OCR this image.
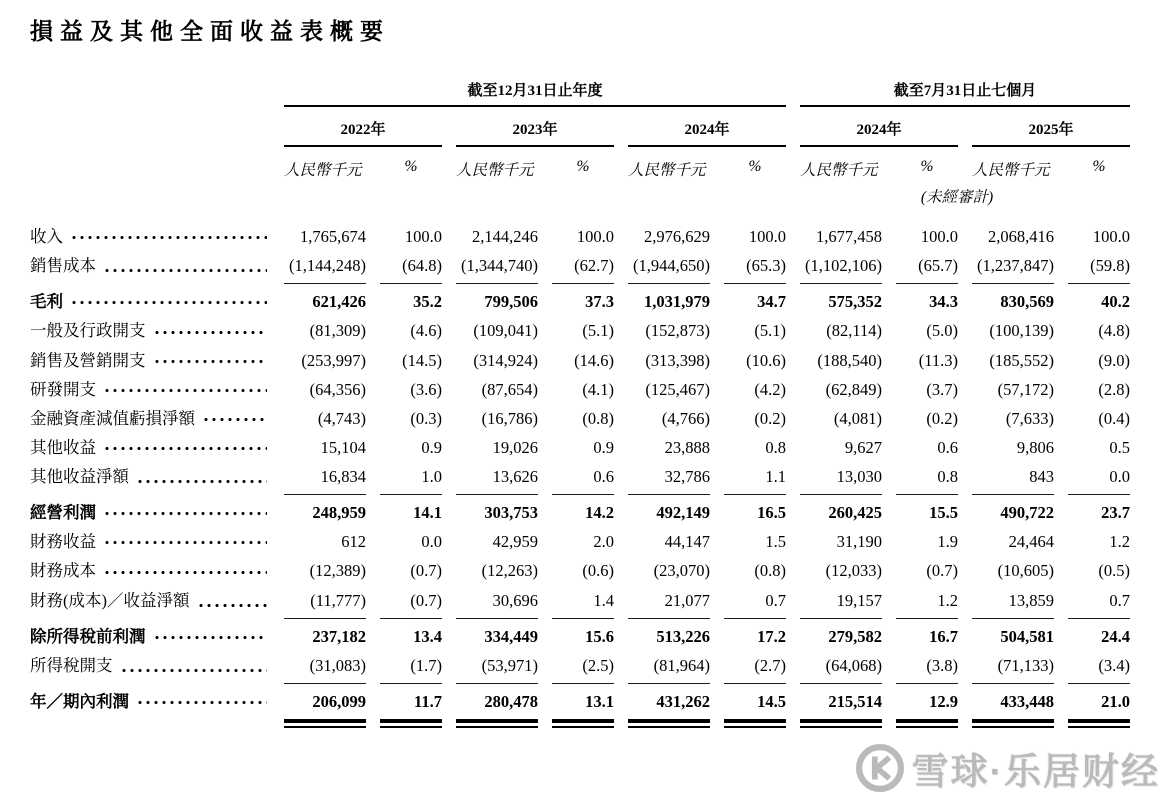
損益及其他全面收益表概要
截至12月31日止年度	截至7月31日止七個月
2022年	2023年	2024年	2024年	2025年
人民幣千元	%	人民幣千元	%	人民幣千元	%	人民幣千元	%	人民幣千元	%
(未經審計)
收入	1,765,674	100.0	2,144,246	100.0	2,976,629	100.0	1,677,458	100.0	2,068,416	100.0
銷售成本	(1,144,248)	(64.8)	(1,344,740)	(62.7)	(1,944,650)	(65.3)	(1,102,106)	(65.7)	(1,237,847)	(59.8)
毛利	621,426	35.2	799,506	37.3	1,031,979	34.7	575,352	34.3	830,569	40.2
一般及行政開支	(81,309)	(4.6)	(109,041)	(5.1)	(152,873)	(5.1)	(82,114)	(5.0)	(100,139)	(4.8)
銷售及營銷開支	(253,997)	(14.5)	(314,924)	(14.6)	(313,398)	(10.6)	(188,540)	(11.3)	(185,552)	(9.0)
研發開支	(64,356)	(3.6)	(87,654)	(4.1)	(125,467)	(4.2)	(62,849)	(3.7)	(57,172)	(2.8)
金融資產減值虧損淨額	(4,743)	(0.3)	(16,786)	(0.8)	(4,766)	(0.2)	(4,081)	(0.2)	(7,633)	(0.4)
其他收益	15,104	0.9	19,026	0.9	23,888	0.8	9,627	0.6	9,806	0.5
其他收益淨額	16,834	1.0	13,626	0.6	32,786	1.1	13,030	0.8	843	0.0
經營利潤	248,959	14.1	303,753	14.2	492,149	16.5	260,425	15.5	490,722	23.7
財務收益	612	0.0	42,959	2.0	44,147	1.5	31,190	1.9	24,464	1.2
財務成本	(12,389)	(0.7)	(12,263)	(0.6)	(23,070)	(0.8)	(12,033)	(0.7)	(10,605)	(0.5)
財務(成本)／收益淨額	(11,777)	(0.7)	30,696	1.4	21,077	0.7	19,157	1.2	13,859	0.7
除所得稅前利潤	237,182	13.4	334,449	15.6	513,226	17.2	279,582	16.7	504,581	24.4
所得稅開支	(31,083)	(1.7)	(53,971)	(2.5)	(81,964)	(2.7)	(64,068)	(3.8)	(71,133)	(3.4)
年／期內利潤	206,099	11.7	280,478	13.1	431,262	14.5	215,514	12.9	433,448	21.0
雪球·乐居财经
